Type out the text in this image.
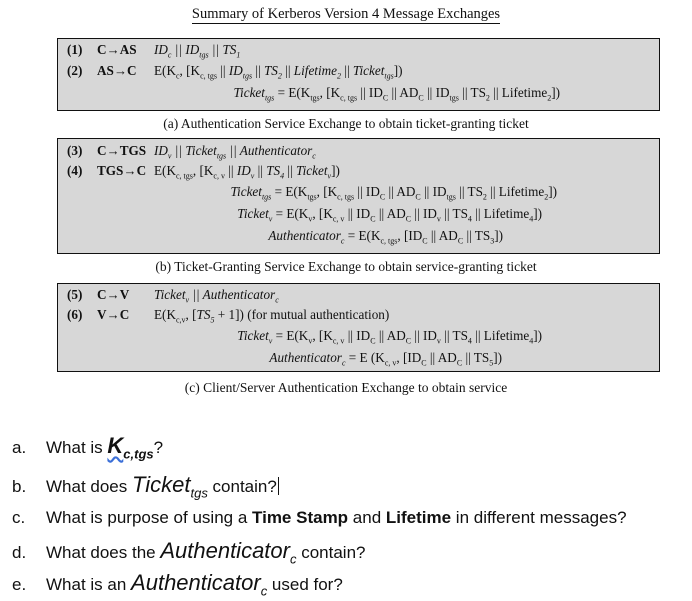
Summary of Kerberos Version 4 Message Exchanges
(a) Authentication Service Exchange to obtain ticket-granting ticket
(b) Ticket-Granting Service Exchange to obtain service-granting ticket
(c) Client/Server Authentication Exchange to obtain service
(1) C→AS $ID_c$ || $ID_{tgs}$ || $TS_1$
(2) AS→C $E(K_c$, [$K_{c, tgs}$ || $ID_{tgs}$ || $TS_2$ || Lifetime$_2$ || Ticket$_{tgs}$])
Ticket$_{tgs}$ = $E(K_{tgs}$, [$K_{c, tgs}$ || $ID_C$ || $AD_C$ || $ID_{tgs}$ || $TS_2$ || Lifetime$_2$])
(3) C→TGS $ID_v$ || Ticket$_{tgs}$ || Authenticator$_c$
(4) TGS→C $E(K_{c, tgs}$, [$K_{c, v}$ || $ID_v$ || $TS_4$ || Ticket$_v$])
Ticket$_{tgs}$ = $E(K_{tgs}$, [$K_{c, tgs}$ || $ID_C$ || $AD_C$ || $ID_{tgs}$ || $TS_2$ || Lifetime$_2$])
Ticket$_v$ = $E(K_v$, [$K_{c, v}$ || $ID_C$ || $AD_C$ || $ID_v$ || $TS_4$ || Lifetime$_4$])
Authenticator$_c$ = $E(K_{c, tgs}$, [$ID_C$ || $AD_C$ || $TS_3$])
(5) C→V Ticket$_v$ || Authenticator$_c$
(6) V→C $E(K_{c,v}$, $[TS_5 + 1]$) (for mutual authentication)
Ticket$_v$ = $E(K_v$, [$K_{c, v}$ || $ID_C$ || $AD_C$ || $ID_v$ || $TS_4$ || Lifetime$_4$])
Authenticator$_c$ = E ($K_{c, v}$, [$ID_C$ || $AD_C$ || $TS_5$])
a. What is $K_{c,tgs}$?
b. What does Ticket$_{tgs}$ contain?
c. What is purpose of using a Time Stamp and Lifetime in different messages?
d. What does the Authenticator$_c$ contain?
e. What is an Authenticator$_c$ used for?
